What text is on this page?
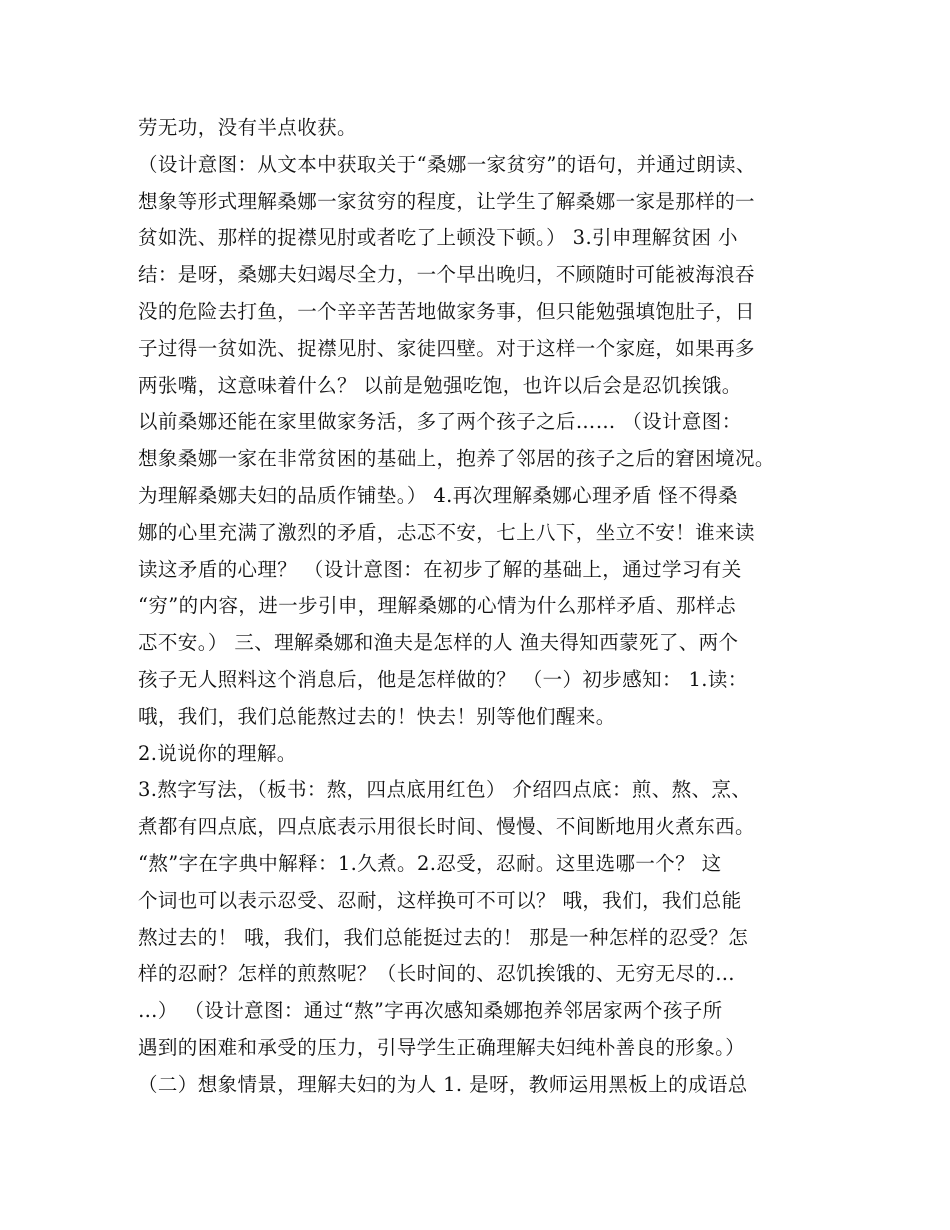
劳无功，没有半点收获。
（设计意图：从文本中获取关于“桑娜一家贫穷”的语句，并通过朗读、
想象等形式理解桑娜一家贫穷的程度，让学生了解桑娜一家是那样的一
贫如洗、那样的捉襟见肘或者吃了上顿没下顿。） 3.引申理解贫困 小
结：是呀，桑娜夫妇竭尽全力，一个早出晚归，不顾随时可能被海浪吞
没的危险去打鱼，一个辛辛苦苦地做家务事，但只能勉强填饱肚子，日
子过得一贫如洗、捉襟见肘、家徒四壁。对于这样一个家庭，如果再多
两张嘴，这意味着什么？ 以前是勉强吃饱，也许以后会是忍饥挨饿。
以前桑娜还能在家里做家务活，多了两个孩子之后…… （设计意图：
想象桑娜一家在非常贫困的基础上，抱养了邻居的孩子之后的窘困境况。
为理解桑娜夫妇的品质作铺垫。） 4.再次理解桑娜心理矛盾 怪不得桑
娜的心里充满了激烈的矛盾，忐忑不安，七上八下，坐立不安！谁来读
读这矛盾的心理？ （设计意图：在初步了解的基础上，通过学习有关
“穷”的内容，进一步引申，理解桑娜的心情为什么那样矛盾、那样忐
忑不安。） 三、理解桑娜和渔夫是怎样的人 渔夫得知西蒙死了、两个
孩子无人照料这个消息后，他是怎样做的？ （一）初步感知： 1.读：
哦，我们，我们总能熬过去的！快去！别等他们醒来。
2.说说你的理解。
3.熬字写法，（板书：熬，四点底用红色） 介绍四点底：煎、熬、烹、
煮都有四点底，四点底表示用很长时间、慢慢、不间断地用火煮东西。
“熬”字在字典中解释：1.久煮。2.忍受，忍耐。这里选哪一个？ 这
个词也可以表示忍受、忍耐，这样换可不可以？ 哦，我们，我们总能
熬过去的！ 哦，我们，我们总能挺过去的！ 那是一种怎样的忍受？怎
样的忍耐？怎样的煎熬呢？（长时间的、忍饥挨饿的、无穷无尽的…
…） （设计意图：通过“熬”字再次感知桑娜抱养邻居家两个孩子所
遇到的困难和承受的压力，引导学生正确理解夫妇纯朴善良的形象。）
（二）想象情景，理解夫妇的为人 1. 是呀，教师运用黑板上的成语总
